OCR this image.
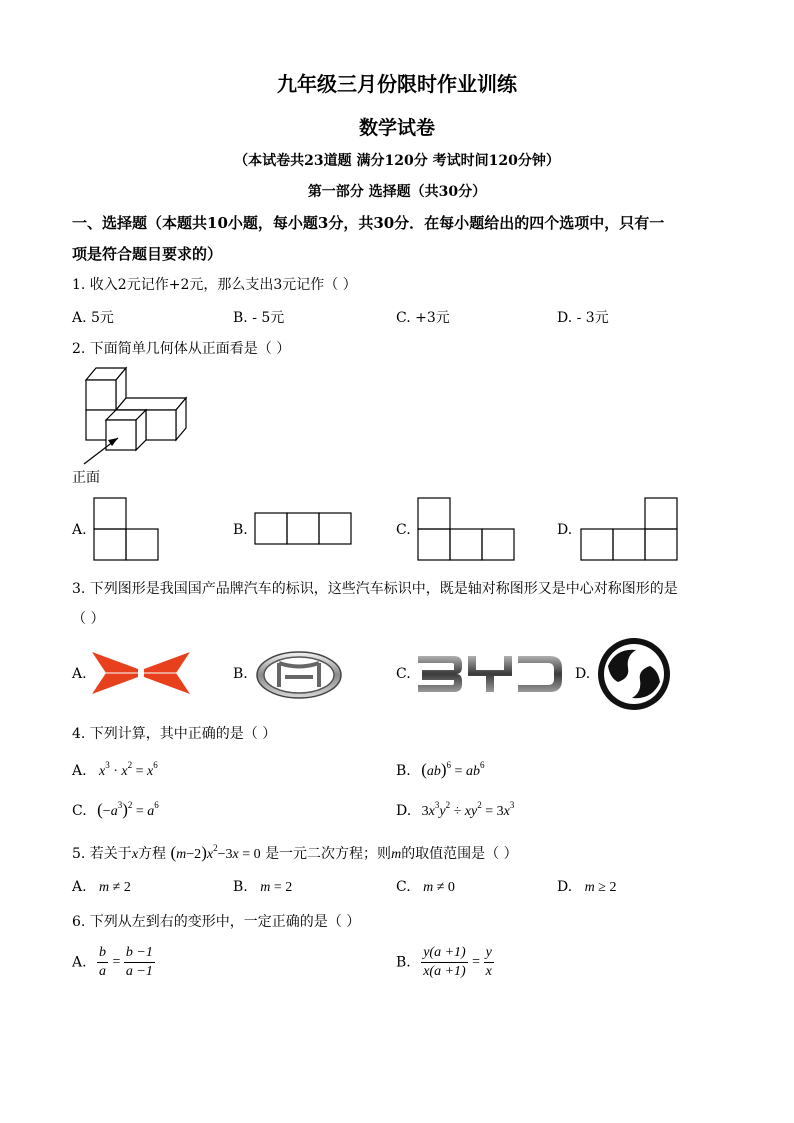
九年级三月份限时作业训练
数学试卷
（本试卷共23道题 满分120分 考试时间120分钟）
第一部分 选择题（共30分）
一、选择题（本题共10小题，每小题3分，共30分．在每小题给出的四个选项中，只有一
项是符合题目要求的）
1. 收入2元记作+2元，那么支出3元记作（ ）
A. 5元	B. - 5元	C. +3元	D. - 3元
2. 下面简单几何体从正面看是（ ）
正面
A.	B.	C.	D.
3. 下列图形是我国国产品牌汽车的标识，这些汽车标识中，既是轴对称图形又是中心对称图形的是
（ ）
A.	B.	C.	D.
4. 下列计算，其中正确的是（ ）
A. $x^3 \cdot x^2 = x^6$	B. $(ab)^6 = ab^6$
C. $(-a^3)^2 = a^6$	D. $3x^3y^2 \div xy^2 = 3x^3$
5. 若关于x方程 $(m-2)x^2-3x = 0$ 是一元二次方程；则m的取值范围是（ ）
A. m ≠ 2	B. m = 2	C. m ≠ 0	D. m ≥ 2
6. 下列从左到右的变形中，一定正确的是（ ）
A. $\frac{b}{a} = \frac{b -1}{a -1}$	B. $\frac{y(a +1)}{x(a +1)} = \frac{y}{x}$
